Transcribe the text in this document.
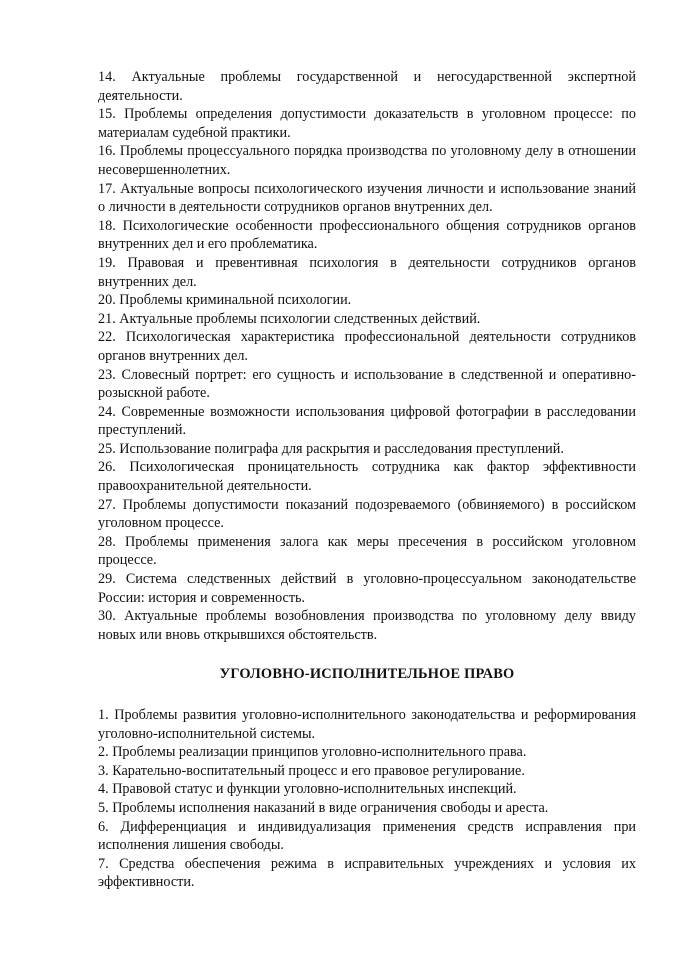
14. Актуальные проблемы государственной и негосударственной экспертной деятельности.

15. Проблемы определения допустимости доказательств в уголовном процессе: по материалам судебной практики.

16. Проблемы процессуального порядка производства по уголовному делу в отношении несовершеннолетних.

17. Актуальные вопросы психологического изучения личности и использование знаний о личности в деятельности сотрудников органов внутренних дел.

18. Психологические особенности профессионального общения сотрудников органов внутренних дел и его проблематика.

19. Правовая и превентивная психология в деятельности сотрудников органов внутренних дел.

20. Проблемы криминальной психологии.

21. Актуальные проблемы психологии следственных действий.

22. Психологическая характеристика профессиональной деятельности сотрудников органов внутренних дел.

23. Словесный портрет: его сущность и использование в следственной и оперативно-розыскной работе.

24. Современные возможности использования цифровой фотографии в расследовании преступлений.

25. Использование полиграфа для раскрытия и расследования преступлений.

26. Психологическая проницательность сотрудника как фактор эффективности правоохранительной деятельности.

27. Проблемы допустимости показаний подозреваемого (обвиняемого) в российском уголовном процессе.

28. Проблемы применения залога как меры пресечения в российском уголовном процессе.

29. Система следственных действий в уголовно-процессуальном законодательстве России: история и современность.

30. Актуальные проблемы возобновления производства по уголовному делу ввиду новых или вновь открывшихся обстоятельств.

УГОЛОВНО-ИСПОЛНИТЕЛЬНОЕ ПРАВО

1. Проблемы развития уголовно-исполнительного законодательства и реформирования уголовно-исполнительной системы.

2. Проблемы реализации принципов уголовно-исполнительного права.

3. Карательно-воспитательный процесс и его правовое регулирование.

4. Правовой статус и функции уголовно-исполнительных инспекций.

5. Проблемы исполнения наказаний в виде ограничения свободы и ареста.

6. Дифференциация и индивидуализация применения средств исправления при исполнения лишения свободы.

7. Средства обеспечения режима в исправительных учреждениях и условия их эффективности.
